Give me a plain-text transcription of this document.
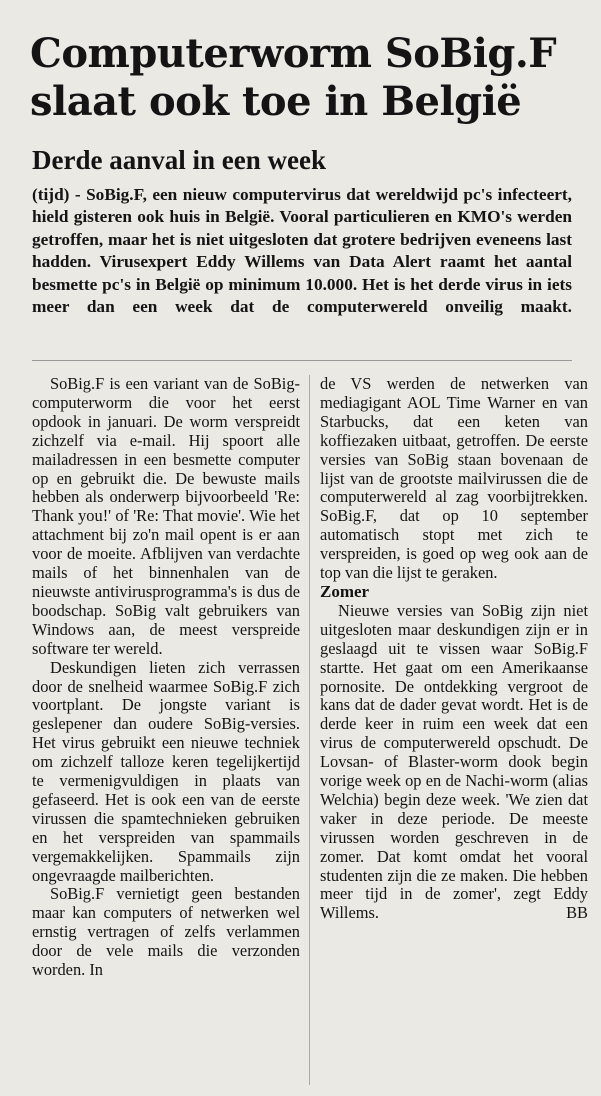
Computerworm SoBig.F
slaat ook toe in België
Derde aanval in een week

(tijd) - SoBig.F, een nieuw computervirus dat wereldwijd pc's infecteert, hield gisteren ook huis in België. Vooral particulieren en KMO's werden getroffen, maar het is niet uitgesloten dat grotere bedrijven eveneens last hadden. Virusexpert Eddy Willems van Data Alert raamt het aantal besmette pc's in België op minimum 10.000. Het is het derde virus in iets meer dan een week dat de computerwereld onveilig maakt.

SoBig.F is een variant van de SoBig-computerworm die voor het eerst opdook in januari. De worm verspreidt zichzelf via e-mail. Hij spoort alle mailadressen in een besmette computer op en gebruikt die. De bewuste mails hebben als onderwerp bijvoorbeeld 'Re: Thank you!' of 'Re: That movie'. Wie het attachment bij zo'n mail opent is er aan voor de moeite. Afblijven van verdachte mails of het binnenhalen van de nieuwste antivirusprogramma's is dus de boodschap. SoBig valt gebruikers van Windows aan, de meest verspreide software ter wereld.

Deskundigen lieten zich verrassen door de snelheid waarmee SoBig.F zich voortplant. De jongste variant is geslepener dan oudere SoBig-versies. Het virus gebruikt een nieuwe techniek om zichzelf talloze keren tegelijkertijd te vermenigvuldigen in plaats van gefaseerd. Het is ook een van de eerste virussen die spamtechnieken gebruiken en het verspreiden van spammails vergemakkelijken. Spammails zijn ongevraagde mailberichten.

SoBig.F vernietigt geen bestanden maar kan computers of netwerken wel ernstig vertragen of zelfs verlammen door de vele mails die verzonden worden. In

de VS werden de netwerken van mediagigant AOL Time Warner en van Starbucks, dat een keten van koffiezaken uitbaat, getroffen. De eerste versies van SoBig staan bovenaan de lijst van de grootste mailvirussen die de computerwereld al zag voorbijtrekken. SoBig.F, dat op 10 september automatisch stopt met zich te verspreiden, is goed op weg ook aan de top van die lijst te geraken.

Zomer

Nieuwe versies van SoBig zijn niet uitgesloten maar deskundigen zijn er in geslaagd uit te vissen waar SoBig.F startte. Het gaat om een Amerikaanse pornosite. De ontdekking vergroot de kans dat de dader gevat wordt. Het is de derde keer in ruim een week dat een virus de computerwereld opschudt. De Lovsan- of Blaster-worm dook begin vorige week op en de Nachi-worm (alias Welchia) begin deze week. 'We zien dat vaker in deze periode. De meeste virussen worden geschreven in de zomer. Dat komt omdat het vooral studenten zijn die ze maken. Die hebben meer tijd in de zomer', zegt Eddy Willems.	BB
